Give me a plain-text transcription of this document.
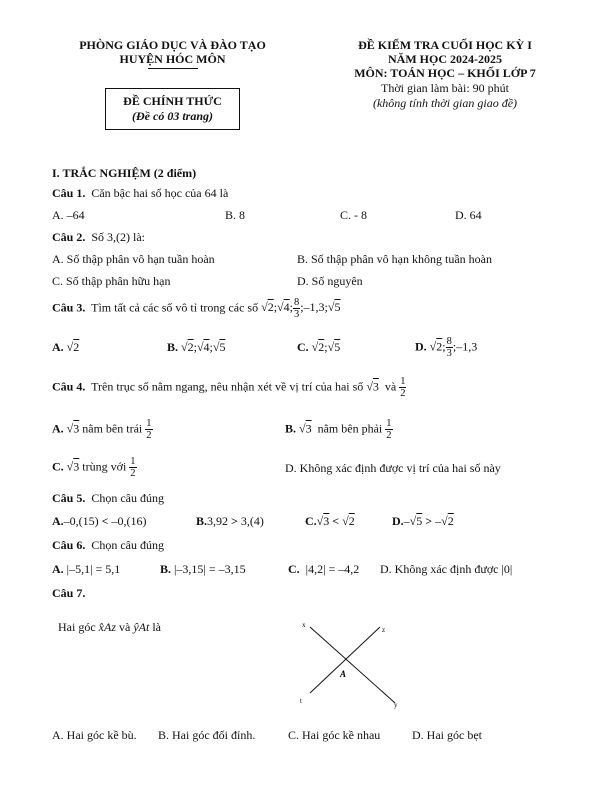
PHÒNG GIÁO DỤC VÀ ĐÀO TẠO
HUYỆN HÓC MÔN
ĐỀ KIỂM TRA CUỐI HỌC KỲ I
NĂM HỌC 2024-2025
MÔN: TOÁN HỌC – KHỐI LỚP 7
Thời gian làm bài: 90 phút
(không tính thời gian giao đề)
ĐỀ CHÍNH THỨC
(Đề có 03 trang)
I. TRẮC NGHIỆM (2 điểm)
Câu 1. Căn bậc hai số học của 64 là
A. –64	B. 8	C. - 8	D. 64
Câu 2. Số 3,(2) là:
A. Số thập phân vô hạn tuần hoàn	B. Số thập phân vô hạn không tuần hoàn
C. Số thập phân hữu hạn	D. Số nguyên
Câu 3. Tìm tất cả các số vô tỉ trong các số √2;√4; $\frac{8}{3}$ ;–1,3;√5
A. √2	B. √2;√4;√5	C. √2;√5	D. √2; $\frac{8}{3}$ ;–1,3
Câu 4. Trên trục số nằm ngang, nêu nhận xét về vị trí của hai số √3  và $\frac{1}{2}$
A. √3 nằm bên trái $\frac{1}{2}$	B. √3 nằm bên phải $\frac{1}{2}$
C. √3 trùng với $\frac{1}{2}$	D. Không xác định được vị trí của hai số này
Câu 5. Chọn câu đúng
A.–0,(15) < –0,(16)	B.3,92 > 3,(4)	C.√3 < √2	D.–√5 > –√2
Câu 6. Chọn câu đúng
A. |–5,1| = 5,1	B. |–3,15| = –3,15	C.  |4,2| = –4,2 D. Không xác định được |0|
Câu 7.
Hai góc x̂Az và ŷAt là	x
z
t	y
A
A. Hai góc kề bù. B. Hai góc đối đỉnh.	C. Hai góc kề nhau	D. Hai góc bẹt
